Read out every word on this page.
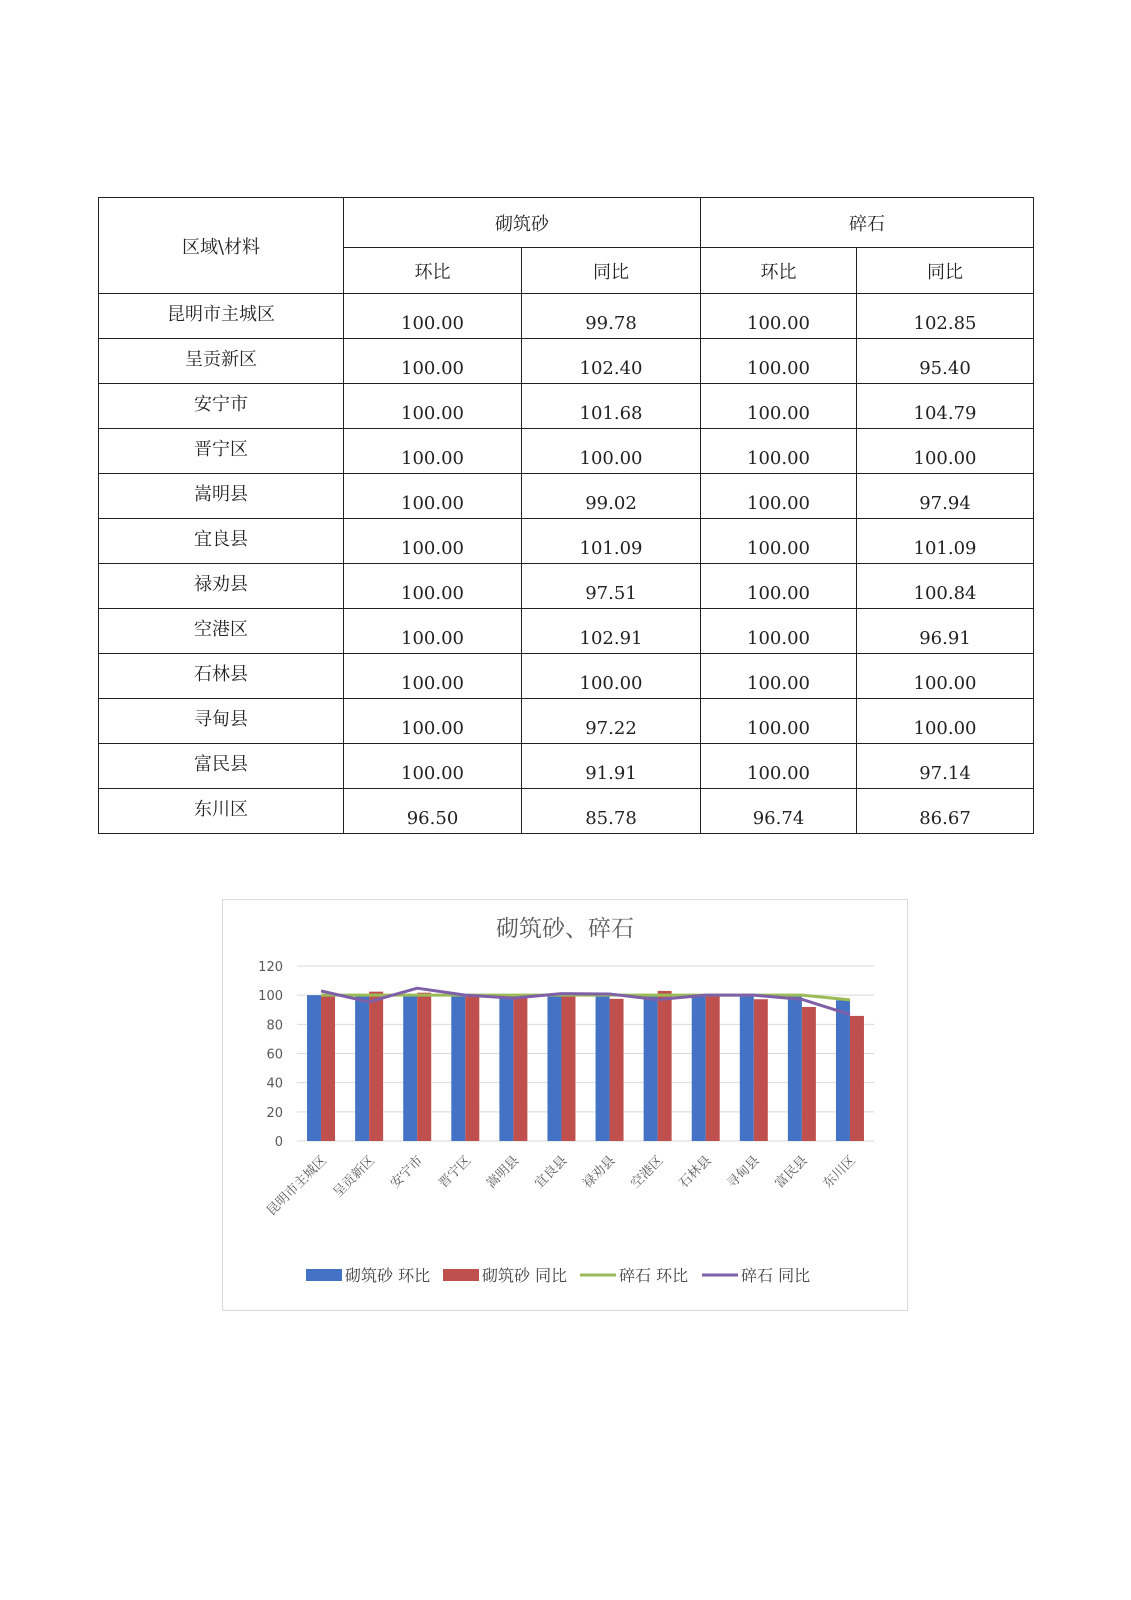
区域\材料	砌筑砂		碎石	
	环比	同比	环比	同比
昆明市主城区	100.00	99.78	100.00	102.85
呈贡新区	100.00	102.40	100.00	95.40
安宁市	100.00	101.68	100.00	104.79
晋宁区	100.00	100.00	100.00	100.00
嵩明县	100.00	99.02	100.00	97.94
宜良县	100.00	101.09	100.00	101.09
禄劝县	100.00	97.51	100.00	100.84
空港区	100.00	102.91	100.00	96.91
石林县	100.00	100.00	100.00	100.00
寻甸县	100.00	97.22	100.00	100.00
富民县	100.00	91.91	100.00	97.14
东川区	96.50	85.78	96.74	86.67
砌筑砂、碎石
0
20
40
60
80
100
120
昆明市主城区 呈贡新区 安宁市 晋宁区 嵩明县 宜良县 禄劝县 空港区 石林县 寻甸县 富民县 东川区
砌筑砂 环比	砌筑砂 同比	碎石 环比	碎石 同比
